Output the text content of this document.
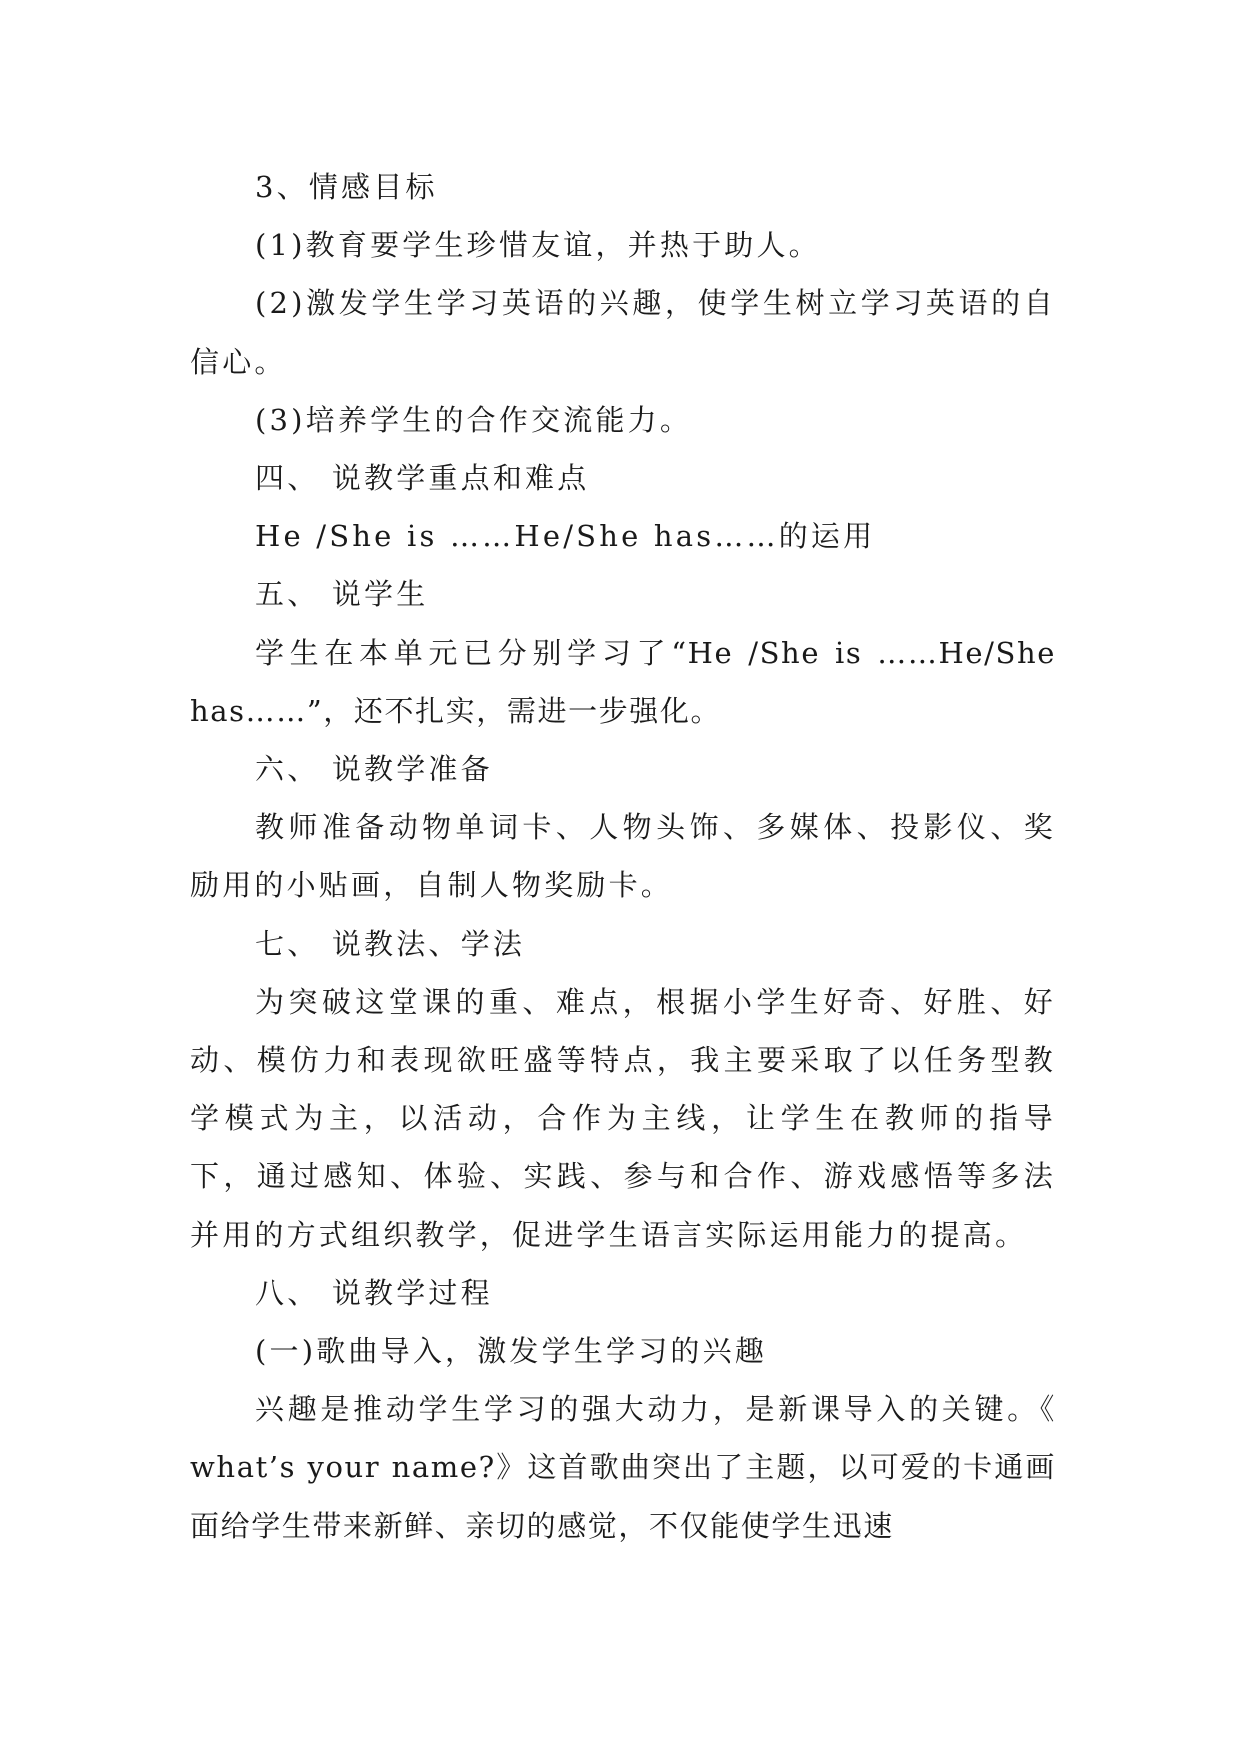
3、情感目标

(1)教育要学生珍惜友谊，并热于助人。

(2)激发学生学习英语的兴趣，使学生树立学习英语的自信心。

(3)培养学生的合作交流能力。

四、 说教学重点和难点

He /She is ……He/She has……的运用

五、 说学生

学生在本单元已分别学习了“He /She is ……He/She has……”，还不扎实，需进一步强化。

六、 说教学准备

教师准备动物单词卡、人物头饰、多媒体、投影仪、奖励用的小贴画，自制人物奖励卡。

七、 说教法、学法

为突破这堂课的重、难点，根据小学生好奇、好胜、好动、模仿力和表现欲旺盛等特点，我主要采取了以任务型教学模式为主，以活动，合作为主线，让学生在教师的指导下，通过感知、体验、实践、参与和合作、游戏感悟等多法并用的方式组织教学，促进学生语言实际运用能力的提高。

八、 说教学过程

(一)歌曲导入，激发学生学习的兴趣

兴趣是推动学生学习的强大动力，是新课导入的关键。《 what’s your name?》这首歌曲突出了主题，以可爱的卡通画面给学生带来新鲜、亲切的感觉，不仅能使学生迅速
